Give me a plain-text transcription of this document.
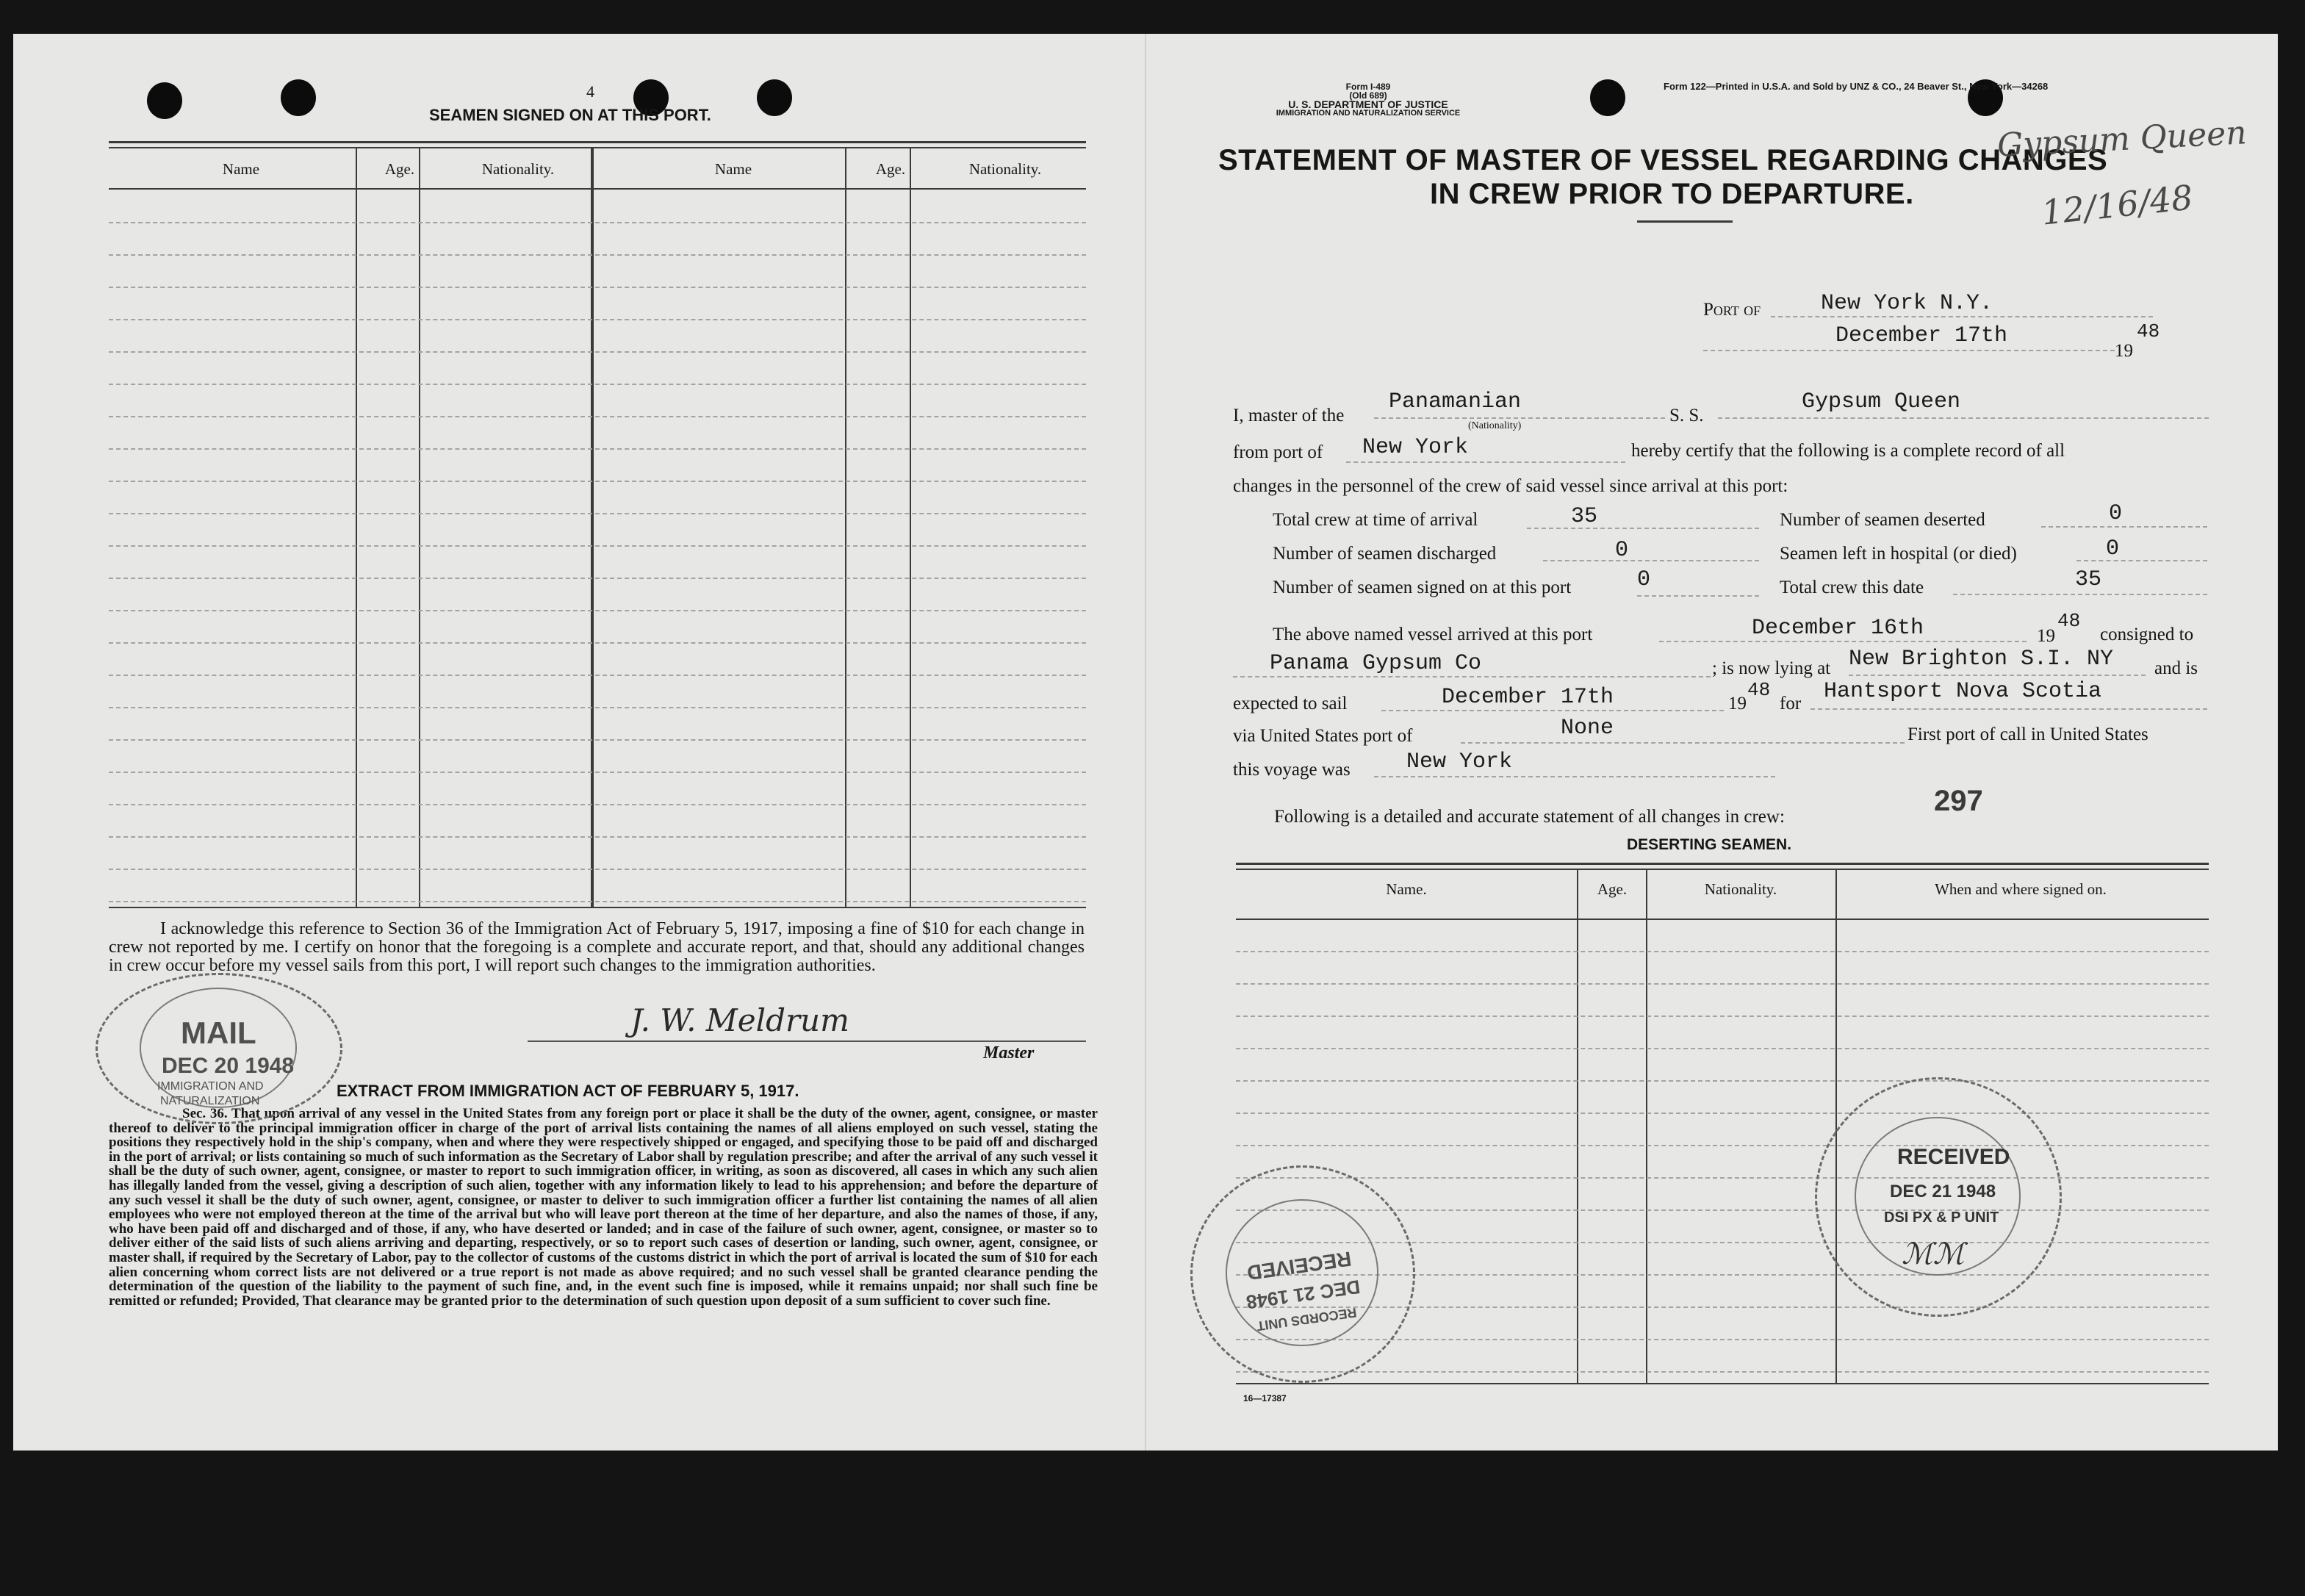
4
SEAMEN SIGNED ON AT THIS PORT.
Name	Age.	Nationality.	Name	Age.	Nationality.
I acknowledge this reference to Section 36 of the Immigration Act of February 5, 1917, imposing a fine of $10 for each change in crew not reported by me. I certify on honor that the foregoing is a complete and accurate report, and that, should any additional changes in crew occur before my vessel sails from this port, I will report such changes to the immigration authorities.
J. W. Meldrum
Master
EXTRACT FROM IMMIGRATION ACT OF FEBRUARY 5, 1917.
Sec. 36. That upon arrival of any vessel in the United States from any foreign port or place it shall be the duty of the owner, agent, consignee, or master thereof to deliver to the principal immigration officer in charge of the port of arrival lists containing the names of all aliens employed on such vessel, stating the positions they respectively hold in the ship's company, when and where they were respectively shipped or engaged, and specifying those to be paid off and discharged in the port of arrival; or lists containing so much of such information as the Secretary of Labor shall by regulation prescribe; and after the arrival of any such vessel it shall be the duty of such owner, agent, consignee, or master to report to such immigration officer, in writing, as soon as discovered, all cases in which any such alien has illegally landed from the vessel, giving a description of such alien, together with any information likely to lead to his apprehension; and before the departure of any such vessel it shall be the duty of such owner, agent, consignee, or master to deliver to such immigration officer a further list containing the names of all alien employees who were not employed thereon at the time of the arrival but who will leave port thereon at the time of her departure, and also the names of those, if any, who have been paid off and discharged and of those, if any, who have deserted or landed; and in case of the failure of such owner, agent, consignee, or master so to deliver either of the said lists of such aliens arriving and departing, respectively, or so to report such cases of desertion or landing, such owner, agent, consignee, or master shall, if required by the Secretary of Labor, pay to the collector of customs of the customs district in which the port of arrival is located the sum of $10 for each alien concerning whom correct lists are not delivered or a true report is not made as above required; and no such vessel shall be granted clearance pending the determination of the question of the liability to the payment of such fine, and, in the event such fine is imposed, while it remains unpaid; nor shall such fine be remitted or refunded; Provided, That clearance may be granted prior to the determination of such question upon deposit of a sum sufficient to cover such fine.
MAIL
DEC 20 1948
IMMIGRATION AND
NATURALIZATION
Form I-489
(Old 689)
U. S. DEPARTMENT OF JUSTICE
IMMIGRATION AND NATURALIZATION SERVICE
Form 122—Printed in U.S.A. and Sold by UNZ & CO., 24 Beaver St., New York—34268
STATEMENT OF MASTER OF VESSEL REGARDING CHANGES
IN CREW PRIOR TO DEPARTURE.
Gypsum Queen
12/16/48
Port of	New York N.Y.
December 17th
19
48
I, master of the
Panamanian
(Nationality)
S. S.
Gypsum Queen
from port of New York	hereby certify that the following is a complete record of all
changes in the personnel of the crew of said vessel since arrival at this port:
Total crew at time of arrival	35	Number of seamen deserted	0
Number of seamen discharged	0	Seamen left in hospital (or died)	0
Number of seamen signed on at this port	0	Total crew this date	35
The above named vessel arrived at this port	December 16th	19
48
consigned to
Panama Gypsum Co	; is now lying at New Brighton S.I. NY and is
expected to sail	December 17th	19
48
for Hantsport Nova Scotia
via United States port of	None	First port of call in United States
this voyage was	New York
Following is a detailed and accurate statement of all changes in crew:	297
DESERTING SEAMEN.
Name.	Age.	Nationality.	When and where signed on.
16—17387
RECORDS UNIT
DEC 21 1948
RECEIVED
RECEIVED
DEC 21 1948
DSI PX & P UNIT
ℳℳ
